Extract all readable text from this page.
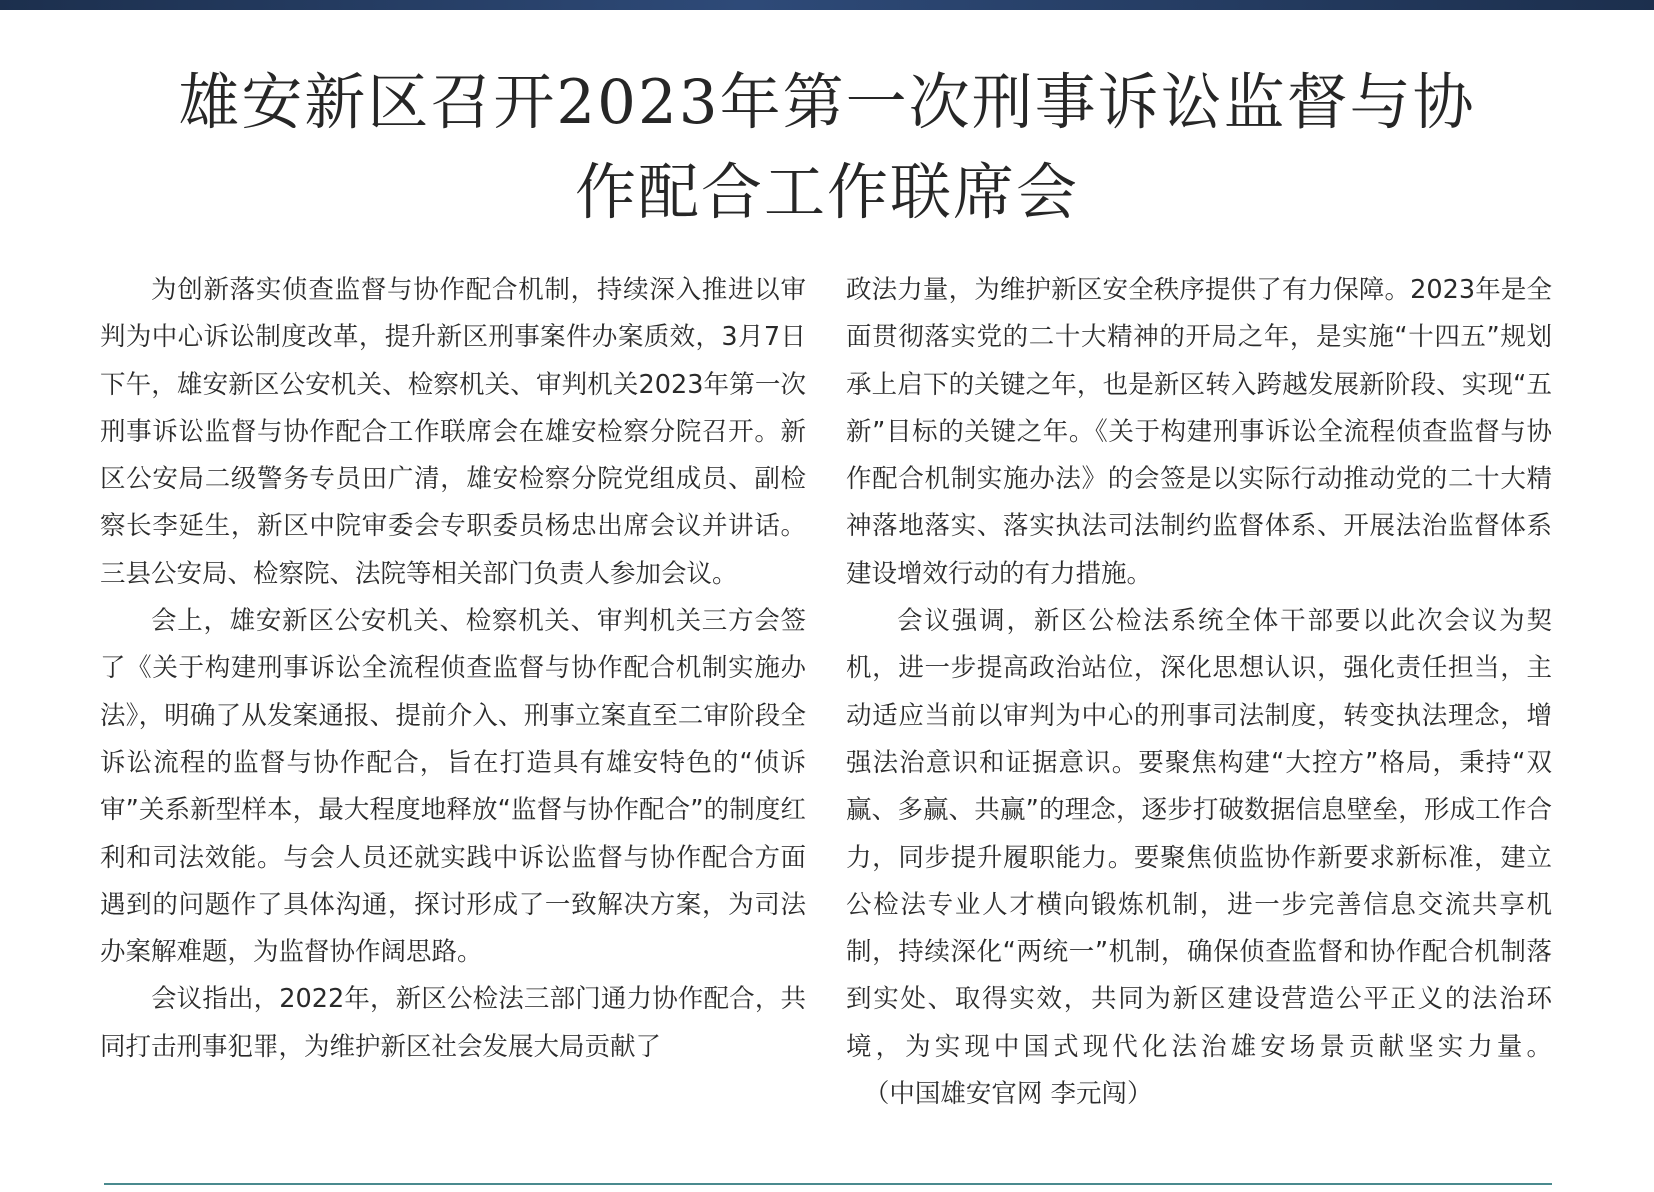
雄安新区召开2023年第一次刑事诉讼监督与协
作配合工作联席会

为创新落实侦查监督与协作配合机制，持续深入推进以审判为中心诉讼制度改革，提升新区刑事案件办案质效，3月7日下午，雄安新区公安机关、检察机关、审判机关2023年第一次刑事诉讼监督与协作配合工作联席会在雄安检察分院召开。新区公安局二级警务专员田广清，雄安检察分院党组成员、副检察长李延生，新区中院审委会专职委员杨忠出席会议并讲话。三县公安局、检察院、法院等相关部门负责人参加会议。

会上，雄安新区公安机关、检察机关、审判机关三方会签了《关于构建刑事诉讼全流程侦查监督与协作配合机制实施办法》，明确了从发案通报、提前介入、刑事立案直至二审阶段全诉讼流程的监督与协作配合，旨在打造具有雄安特色的“侦诉审”关系新型样本，最大程度地释放“监督与协作配合”的制度红利和司法效能。与会人员还就实践中诉讼监督与协作配合方面遇到的问题作了具体沟通，探讨形成了一致解决方案，为司法办案解难题，为监督协作阔思路。

会议指出，2022年，新区公检法三部门通力协作配合，共同打击刑事犯罪，为维护新区社会发展大局贡献了

政法力量，为维护新区安全秩序提供了有力保障。2023年是全面贯彻落实党的二十大精神的开局之年，是实施“十四五”规划承上启下的关键之年，也是新区转入跨越发展新阶段、实现“五新”目标的关键之年。《关于构建刑事诉讼全流程侦查监督与协作配合机制实施办法》的会签是以实际行动推动党的二十大精神落地落实、落实执法司法制约监督体系、开展法治监督体系建设增效行动的有力措施。

会议强调，新区公检法系统全体干部要以此次会议为契机，进一步提高政治站位，深化思想认识，强化责任担当，主动适应当前以审判为中心的刑事司法制度，转变执法理念，增强法治意识和证据意识。要聚焦构建“大控方”格局，秉持“双赢、多赢、共赢”的理念，逐步打破数据信息壁垒，形成工作合力，同步提升履职能力。要聚焦侦监协作新要求新标准，建立公检法专业人才横向锻炼机制，进一步完善信息交流共享机制，持续深化“两统一”机制，确保侦查监督和协作配合机制落到实处、取得实效，共同为新区建设营造公平正义的法治环境，为实现中国式现代化法治雄安场景贡献坚实力量。（中国雄安官网 李元闯）
